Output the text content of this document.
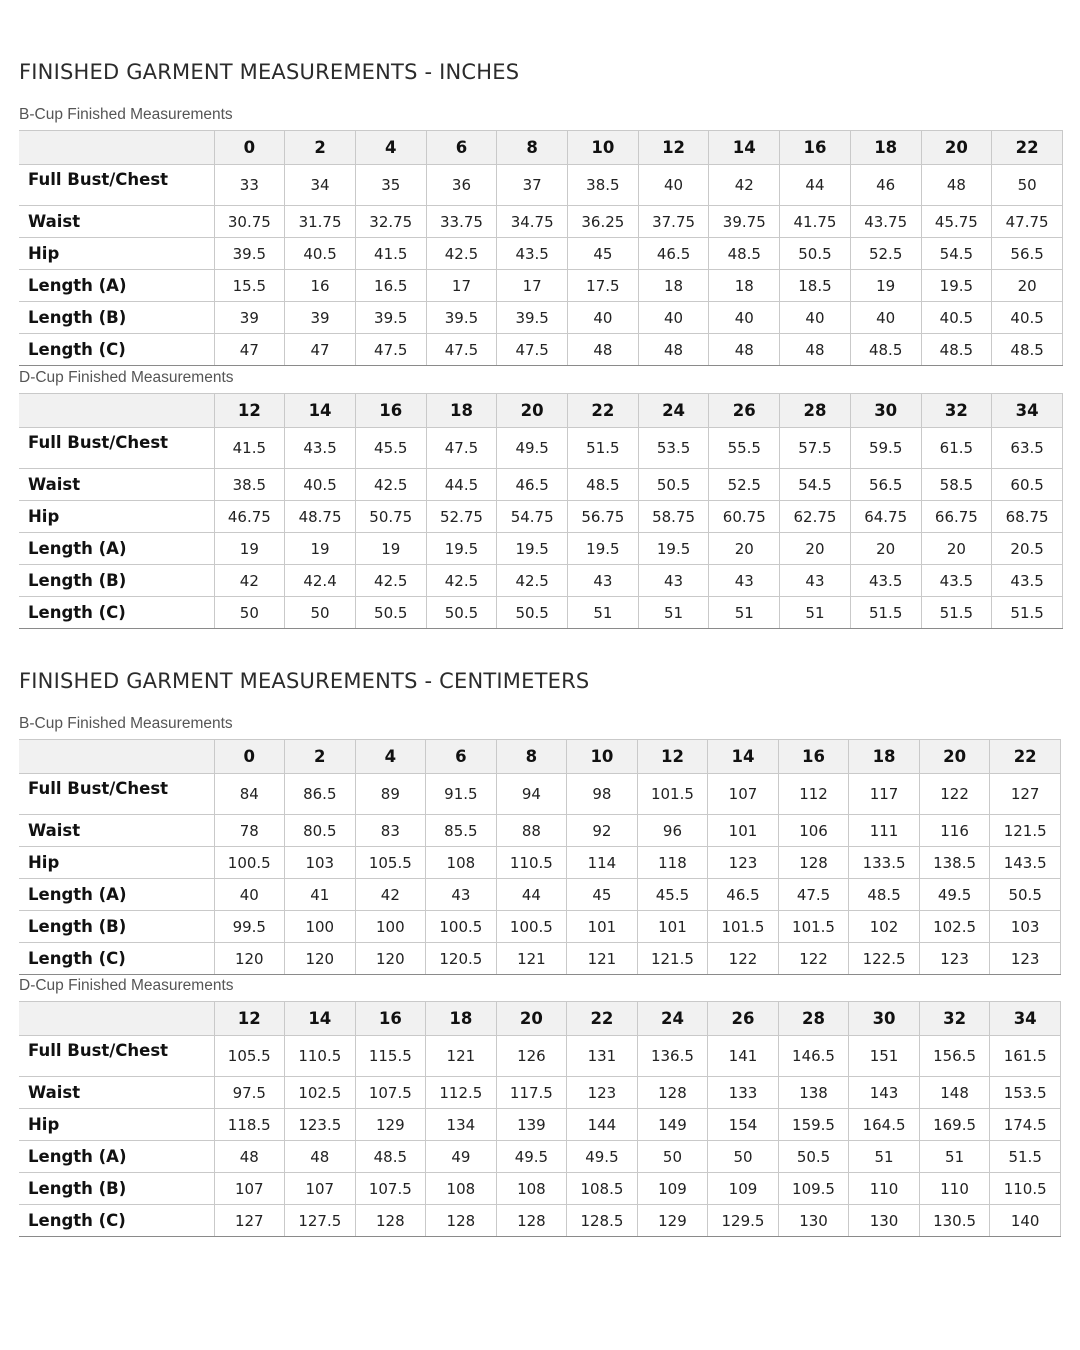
FINISHED GARMENT MEASUREMENTS - INCHES
B-Cup Finished Measurements
	0	2	4	6	8	10	12	14	16	18	20	22
Full Bust/Chest	33	34	35	36	37	38.5	40	42	44	46	48	50
Waist	30.75	31.75	32.75	33.75	34.75	36.25	37.75	39.75	41.75	43.75	45.75	47.75
Hip	39.5	40.5	41.5	42.5	43.5	45	46.5	48.5	50.5	52.5	54.5	56.5
Length (A)	15.5	16	16.5	17	17	17.5	18	18	18.5	19	19.5	20
Length (B)	39	39	39.5	39.5	39.5	40	40	40	40	40	40.5	40.5
Length (C)	47	47	47.5	47.5	47.5	48	48	48	48	48.5	48.5	48.5
D-Cup Finished Measurements
	12	14	16	18	20	22	24	26	28	30	32	34
Full Bust/Chest	41.5	43.5	45.5	47.5	49.5	51.5	53.5	55.5	57.5	59.5	61.5	63.5
Waist	38.5	40.5	42.5	44.5	46.5	48.5	50.5	52.5	54.5	56.5	58.5	60.5
Hip	46.75	48.75	50.75	52.75	54.75	56.75	58.75	60.75	62.75	64.75	66.75	68.75
Length (A)	19	19	19	19.5	19.5	19.5	19.5	20	20	20	20	20.5
Length (B)	42	42.4	42.5	42.5	42.5	43	43	43	43	43.5	43.5	43.5
Length (C)	50	50	50.5	50.5	50.5	51	51	51	51	51.5	51.5	51.5
FINISHED GARMENT MEASUREMENTS - CENTIMETERS
B-Cup Finished Measurements
	0	2	4	6	8	10	12	14	16	18	20	22
Full Bust/Chest	84	86.5	89	91.5	94	98	101.5	107	112	117	122	127
Waist	78	80.5	83	85.5	88	92	96	101	106	111	116	121.5
Hip	100.5	103	105.5	108	110.5	114	118	123	128	133.5	138.5	143.5
Length (A)	40	41	42	43	44	45	45.5	46.5	47.5	48.5	49.5	50.5
Length (B)	99.5	100	100	100.5	100.5	101	101	101.5	101.5	102	102.5	103
Length (C)	120	120	120	120.5	121	121	121.5	122	122	122.5	123	123
D-Cup Finished Measurements
	12	14	16	18	20	22	24	26	28	30	32	34
Full Bust/Chest	105.5	110.5	115.5	121	126	131	136.5	141	146.5	151	156.5	161.5
Waist	97.5	102.5	107.5	112.5	117.5	123	128	133	138	143	148	153.5
Hip	118.5	123.5	129	134	139	144	149	154	159.5	164.5	169.5	174.5
Length (A)	48	48	48.5	49	49.5	49.5	50	50	50.5	51	51	51.5
Length (B)	107	107	107.5	108	108	108.5	109	109	109.5	110	110	110.5
Length (C)	127	127.5	128	128	128	128.5	129	129.5	130	130	130.5	140
